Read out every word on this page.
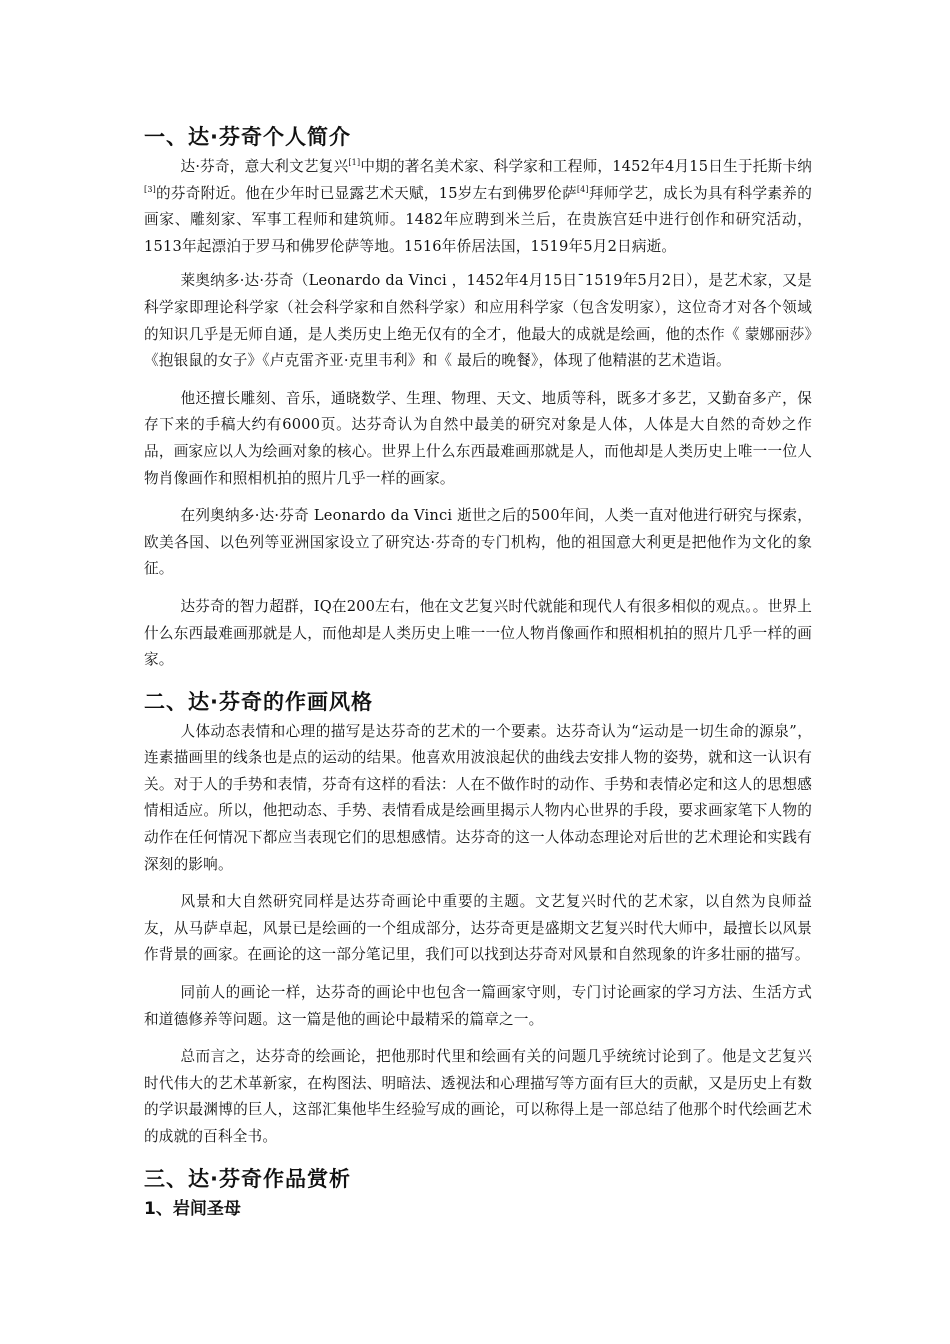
一、达·芬奇个人简介

达·芬奇，意大利文艺复兴[1]中期的著名美术家、科学家和工程师，1452年4月15日生于托斯卡纳[3]的芬奇附近。他在少年时已显露艺术天赋，15岁左右到佛罗伦萨[4]拜师学艺，成长为具有科学素养的画家、雕刻家、军事工程师和建筑师。1482年应聘到米兰后，在贵族宫廷中进行创作和研究活动，1513年起漂泊于罗马和佛罗伦萨等地。1516年侨居法国，1519年5月2日病逝。

莱奥纳多·达·芬奇（Leonardo da Vinci ，1452年4月15日¯1519年5月2日），是艺术家，又是科学家即理论科学家（社会科学家和自然科学家）和应用科学家（包含发明家），这位奇才对各个领域的知识几乎是无师自通，是人类历史上绝无仅有的全才，他最大的成就是绘画，他的杰作《 蒙娜丽莎》《抱银鼠的女子》《卢克雷齐亚·克里韦利》和《 最后的晚餐》，体现了他精湛的艺术造诣。

他还擅长雕刻、音乐，通晓数学、生理、物理、天文、地质等科，既多才多艺，又勤奋多产，保存下来的手稿大约有6000页。达芬奇认为自然中最美的研究对象是人体，人体是大自然的奇妙之作品，画家应以人为绘画对象的核心。世界上什么东西最难画那就是人，而他却是人类历史上唯一一位人物肖像画作和照相机拍的照片几乎一样的画家。

在列奥纳多·达·芬奇 Leonardo da Vinci 逝世之后的500年间，人类一直对他进行研究与探索，欧美各国、以色列等亚洲国家设立了研究达·芬奇的专门机构，他的祖国意大利更是把他作为文化的象征。

达芬奇的智力超群，IQ在200左右，他在文艺复兴时代就能和现代人有很多相似的观点。。世界上什么东西最难画那就是人，而他却是人类历史上唯一一位人物肖像画作和照相机拍的照片几乎一样的画家。

二、达·芬奇的作画风格

人体动态表情和心理的描写是达芬奇的艺术的一个要素。达芬奇认为“运动是一切生命的源泉”，连素描画里的线条也是点的运动的结果。他喜欢用波浪起伏的曲线去安排人物的姿势，就和这一认识有关。对于人的手势和表情，芬奇有这样的看法：人在不做作时的动作、手势和表情必定和这人的思想感情相适应。所以，他把动态、手势、表情看成是绘画里揭示人物内心世界的手段，要求画家笔下人物的动作在任何情况下都应当表现它们的思想感情。达芬奇的这一人体动态理论对后世的艺术理论和实践有深刻的影响。

风景和大自然研究同样是达芬奇画论中重要的主题。文艺复兴时代的艺术家，以自然为良师益友，从马萨卓起，风景已是绘画的一个组成部分，达芬奇更是盛期文艺复兴时代大师中，最擅长以风景作背景的画家。在画论的这一部分笔记里，我们可以找到达芬奇对风景和自然现象的许多壮丽的描写。

同前人的画论一样，达芬奇的画论中也包含一篇画家守则，专门讨论画家的学习方法、生活方式和道德修养等问题。这一篇是他的画论中最精采的篇章之一。

总而言之，达芬奇的绘画论，把他那时代里和绘画有关的问题几乎统统讨论到了。他是文艺复兴时代伟大的艺术革新家，在构图法、明暗法、透视法和心理描写等方面有巨大的贡献，又是历史上有数的学识最渊博的巨人，这部汇集他毕生经验写成的画论，可以称得上是一部总结了他那个时代绘画艺术的成就的百科全书。

三、达·芬奇作品赏析
1、岩间圣母
